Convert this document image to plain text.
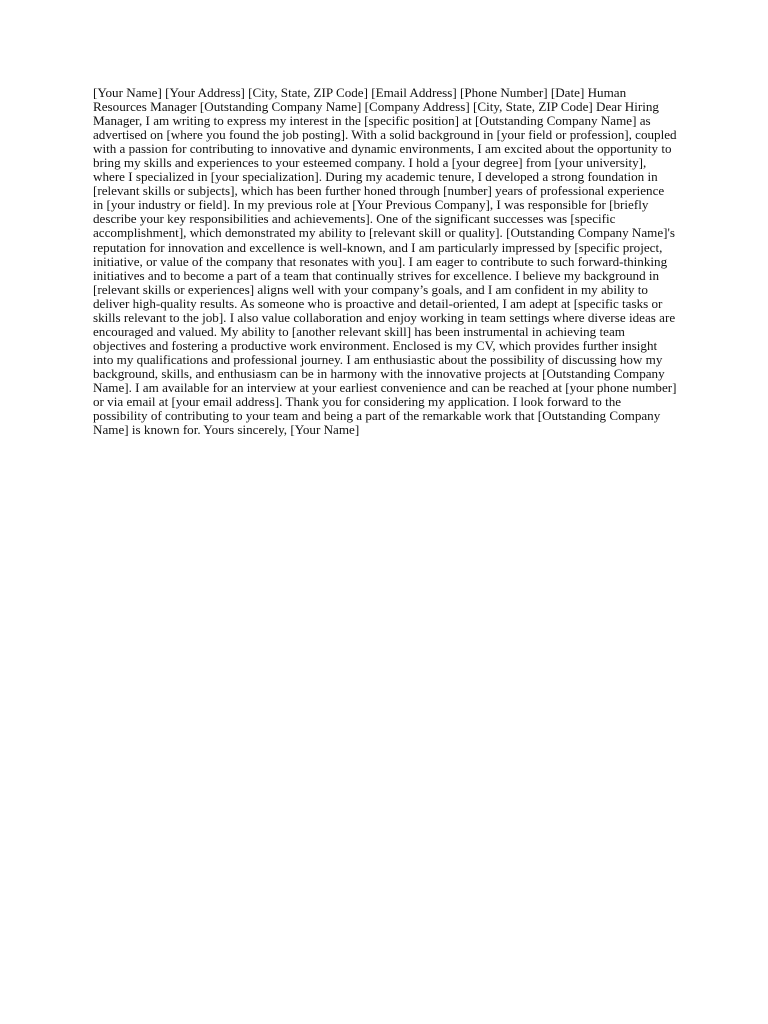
[Your Name] [Your Address] [City, State, ZIP Code] [Email Address] [Phone Number] [Date] Human Resources Manager [Outstanding Company Name] [Company Address] [City, State, ZIP Code] Dear Hiring Manager, I am writing to express my interest in the [specific position] at [Outstanding Company Name] as advertised on [where you found the job posting]. With a solid background in [your field or profession], coupled with a passion for contributing to innovative and dynamic environments, I am excited about the opportunity to bring my skills and experiences to your esteemed company. I hold a [your degree] from [your university], where I specialized in [your specialization]. During my academic tenure, I developed a strong foundation in [relevant skills or subjects], which has been further honed through [number] years of professional experience in [your industry or field]. In my previous role at [Your Previous Company], I was responsible for [briefly describe your key responsibilities and achievements]. One of the significant successes was [specific accomplishment], which demonstrated my ability to [relevant skill or quality]. [Outstanding Company Name]'s reputation for innovation and excellence is well-known, and I am particularly impressed by [specific project, initiative, or value of the company that resonates with you]. I am eager to contribute to such forward-thinking initiatives and to become a part of a team that continually strives for excellence. I believe my background in [relevant skills or experiences] aligns well with your company’s goals, and I am confident in my ability to deliver high-quality results. As someone who is proactive and detail-oriented, I am adept at [specific tasks or skills relevant to the job]. I also value collaboration and enjoy working in team settings where diverse ideas are encouraged and valued. My ability to [another relevant skill] has been instrumental in achieving team objectives and fostering a productive work environment. Enclosed is my CV, which provides further insight into my qualifications and professional journey. I am enthusiastic about the possibility of discussing how my background, skills, and enthusiasm can be in harmony with the innovative projects at [Outstanding Company Name]. I am available for an interview at your earliest convenience and can be reached at [your phone number] or via email at [your email address]. Thank you for considering my application. I look forward to the possibility of contributing to your team and being a part of the remarkable work that [Outstanding Company Name] is known for. Yours sincerely, [Your Name]
